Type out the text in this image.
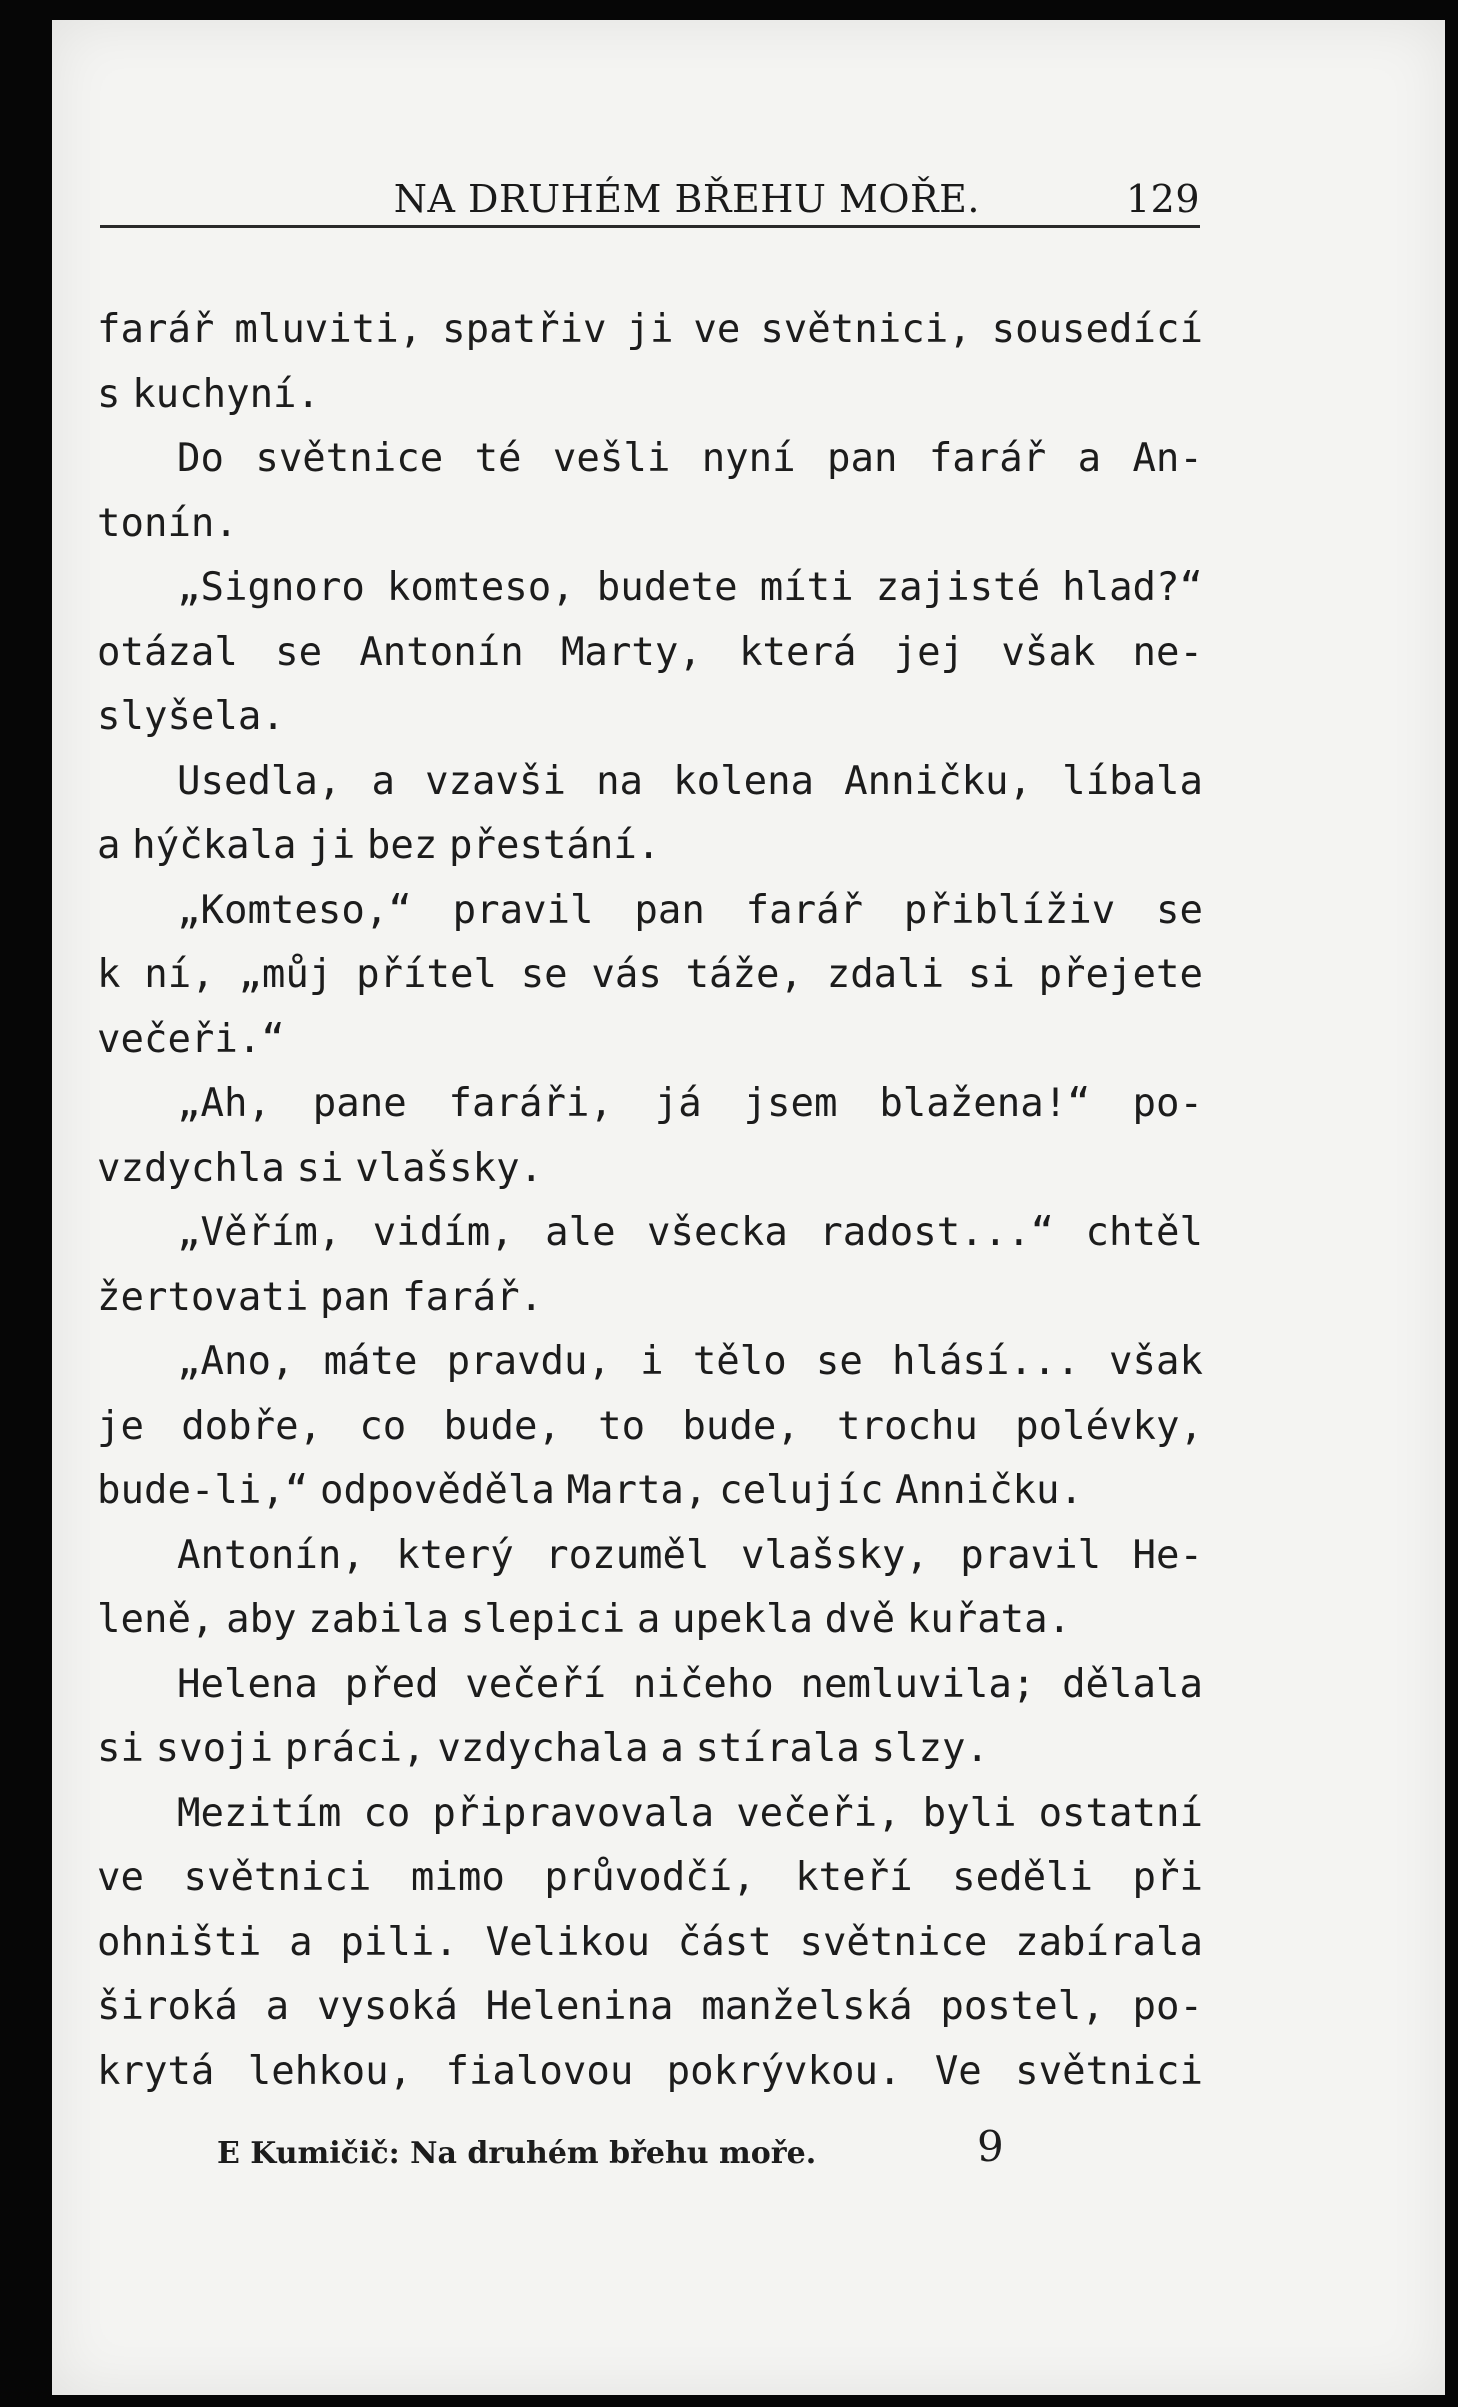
NA DRUHÉM BŘEHU MOŘE.	129
farář mluviti, spatřiv ji ve světnici, sousedící
s kuchyní.
Do světnice té vešli nyní pan farář a An-
tonín.
„Signoro komteso, budete míti zajisté hlad?“
otázal se Antonín Marty, která jej však ne-
slyšela.
Usedla, a vzavši na kolena Anničku, líbala
a hýčkala ji bez přestání.
„Komteso,“ pravil pan farář přiblíživ se
k ní, „můj přítel se vás táže, zdali si přejete
večeři.“
„Ah, pane faráři, já jsem blažena!“ po-
vzdychla si vlašsky.
„Věřím, vidím, ale všecka radost...“ chtěl
žertovati pan farář.
„Ano, máte pravdu, i tělo se hlásí... však
je dobře, co bude, to bude, trochu polévky,
bude-li,“ odpověděla Marta, celujíc Anničku.
Antonín, který rozuměl vlašsky, pravil He-
leně, aby zabila slepici a upekla dvě kuřata.
Helena před večeří ničeho nemluvila; dělala
si svoji práci, vzdychala a stírala slzy.
Mezitím co připravovala večeři, byli ostatní
ve světnici mimo průvodčí, kteří seděli při
ohništi a pili. Velikou část světnice zabírala
široká a vysoká Helenina manželská postel, po-
krytá lehkou, fialovou pokrývkou. Ve světnici
E Kumičič: Na druhém břehu moře.	9
